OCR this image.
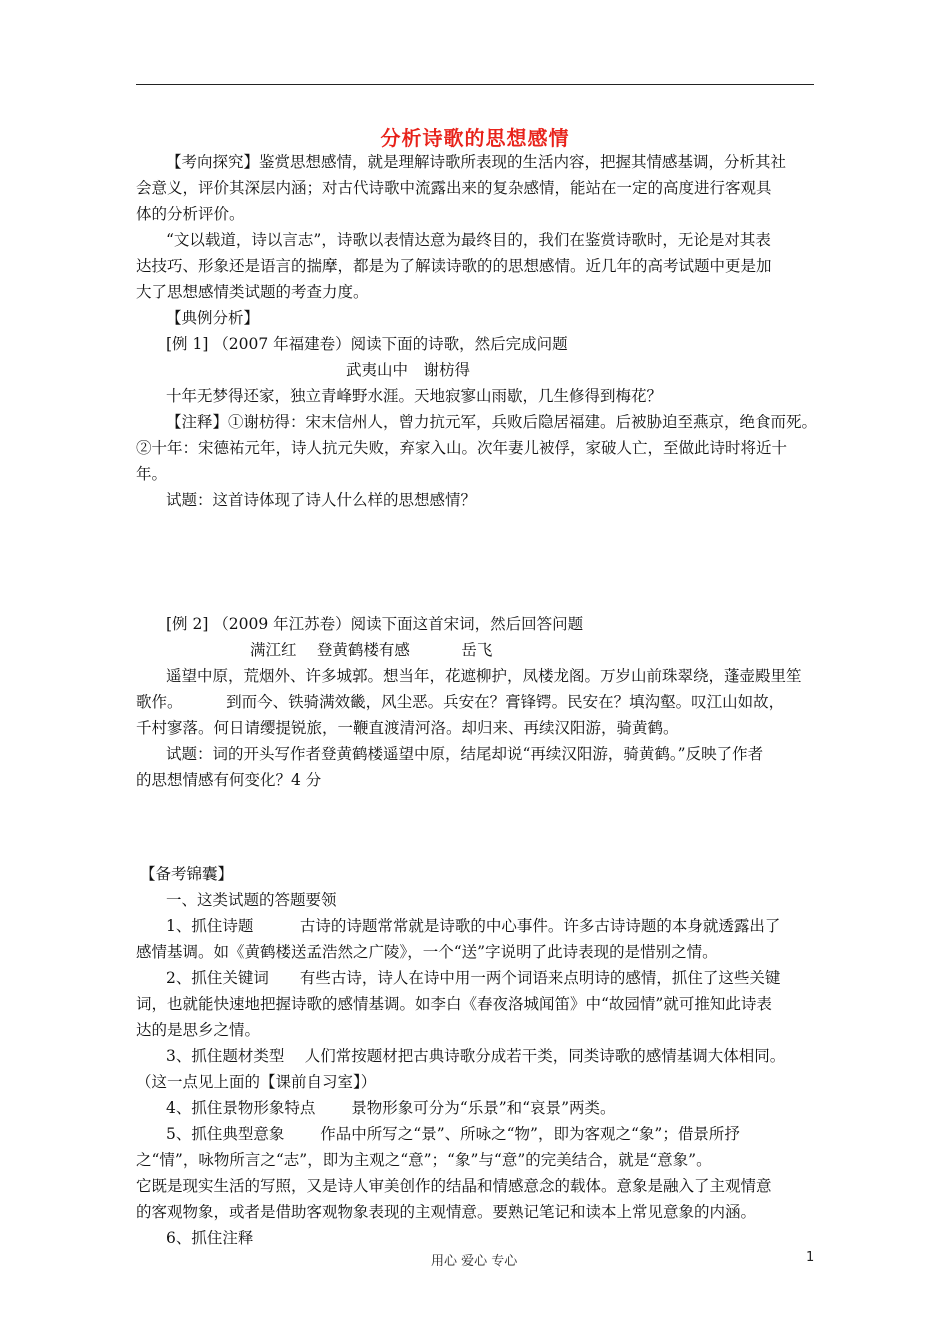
分析诗歌的思想感情
【考向探究】鉴赏思想感情，就是理解诗歌所表现的生活内容，把握其情感基调，分析其社
会意义，评价其深层内涵；对古代诗歌中流露出来的复杂感情，能站在一定的高度进行客观具
体的分析评价。
“文以载道，诗以言志”，诗歌以表情达意为最终目的，我们在鉴赏诗歌时，无论是对其表
达技巧、形象还是语言的揣摩，都是为了解读诗歌的的思想感情。近几年的高考试题中更是加
大了思想感情类试题的考查力度。
【典例分析】
[例 1] （2007 年福建卷）阅读下面的诗歌，然后完成问题
武夷山中　谢枋得
十年无梦得还家，独立青峰野水涯。天地寂寥山雨歇，几生修得到梅花？
【注释】①谢枋得：宋末信州人，曾力抗元军，兵败后隐居福建。后被胁迫至燕京，绝食而死。
②十年：宋德祐元年，诗人抗元失败，弃家入山。次年妻儿被俘，家破人亡，至做此诗时将近十
年。
试题：这首诗体现了诗人什么样的思想感情？
[例 2] （2009 年江苏卷）阅读下面这首宋词，然后回答问题
满江红　 登黄鹤楼有感　　　 岳飞
遥望中原，荒烟外、许多城郭。想当年，花遮柳护，凤楼龙阁。万岁山前珠翠绕，蓬壶殿里笙
歌作。　　　 到而今、铁骑满效畿，风尘恶。兵安在？膏锋锷。民安在？填沟壑。叹江山如故，
千村寥落。何日请缨提锐旅，一鞭直渡清河洛。却归来、再续汉阳游，骑黄鹤。
试题：词的开头写作者登黄鹤楼遥望中原，结尾却说“再续汉阳游，骑黄鹤。”反映了作者
的思想情感有何变化？4 分
【备考锦囊】
一、这类试题的答题要领
1、抓住诗题　　　古诗的诗题常常就是诗歌的中心事件。许多古诗诗题的本身就透露出了
感情基调。如《黄鹤楼送孟浩然之广陵》，一个“送”字说明了此诗表现的是惜别之情。
2、抓住关键词　　有些古诗，诗人在诗中用一两个词语来点明诗的感情，抓住了这些关键
词，也就能快速地把握诗歌的感情基调。如李白《春夜洛城闻笛》中“故园情”就可推知此诗表
达的是思乡之情。
3、抓住题材类型　 人们常按题材把古典诗歌分成若干类，同类诗歌的感情基调大体相同。
（这一点见上面的【课前自习室】）
4、抓住景物形象特点　　 景物形象可分为“乐景”和“哀景”两类。
5、抓住典型意象　　 作品中所写之“景”、所咏之“物”，即为客观之“象”；借景所抒
之“情”，咏物所言之“志”，即为主观之“意”；“象”与“意”的完美结合，就是“意象”。
它既是现实生活的写照，又是诗人审美创作的结晶和情感意念的载体。意象是融入了主观情意
的客观物象，或者是借助客观物象表现的主观情意。要熟记笔记和读本上常见意象的内涵。
6、抓住注释
用心 爱心 专心	1
